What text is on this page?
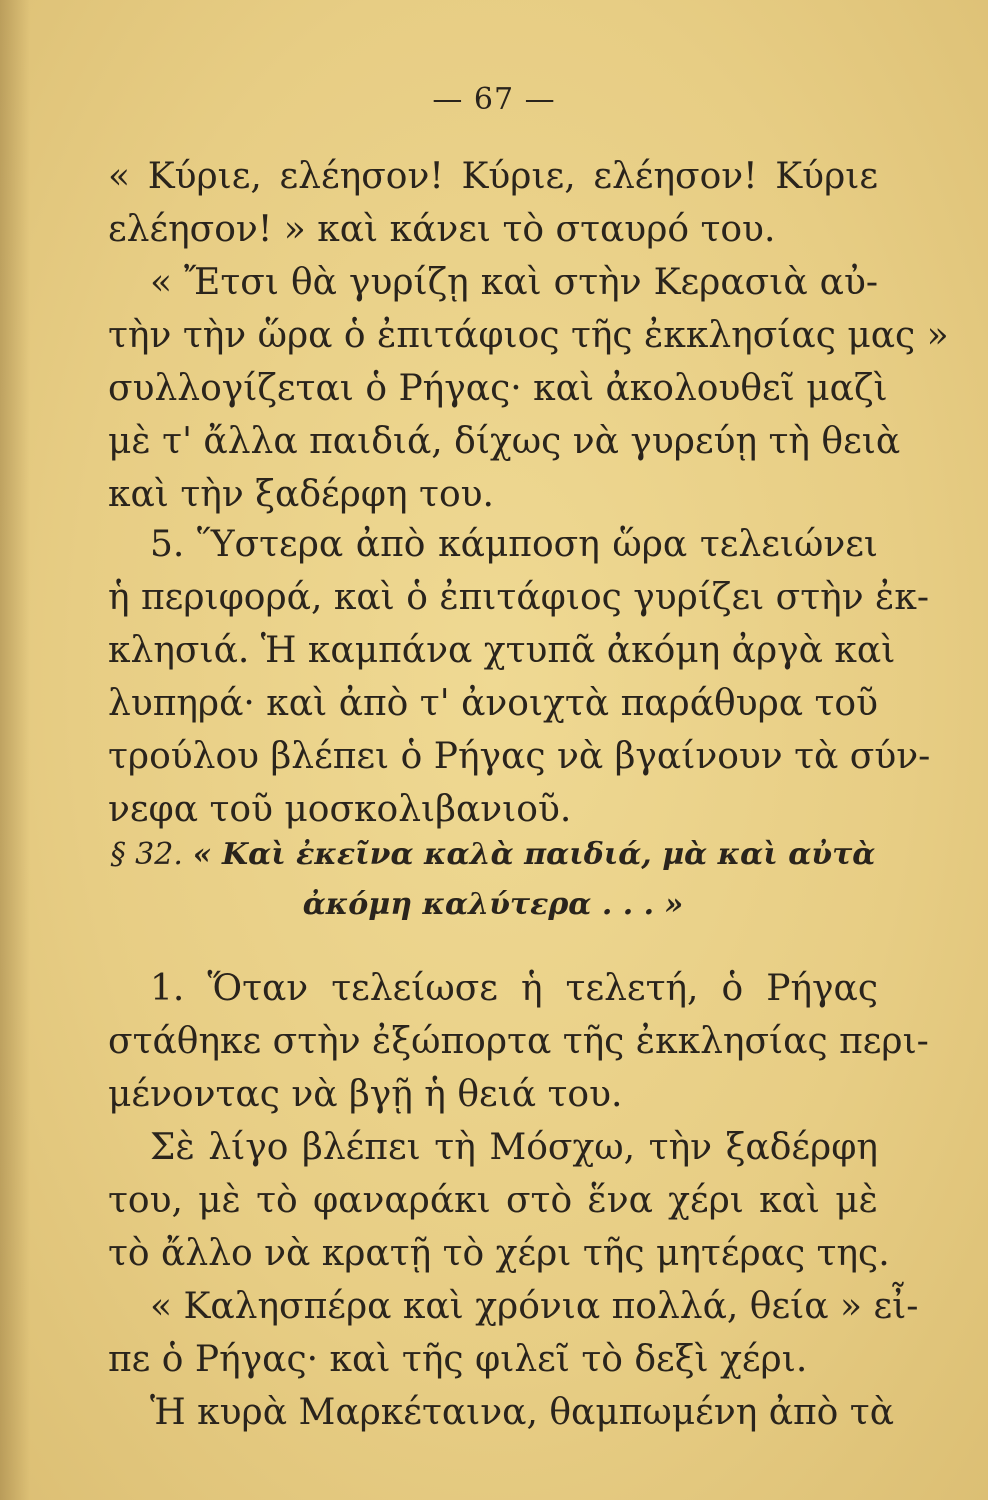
— 67 —
« Κύριε, ελέησον! Κύριε, ελέησον! Κύριε
ελέησον! » καὶ κάνει τὸ σταυρό του.
« Ἔτσι θὰ γυρίζῃ καὶ στὴν Κερασιὰ αὐ-
τὴν τὴν ὥρα ὁ ἐπιτάφιος τῆς ἐκκλησίας μας »
συλλογίζεται ὁ Ρήγας· καὶ ἀκολουθεῖ μαζὶ
μὲ τ' ἄλλα παιδιά, δίχως νὰ γυρεύῃ τὴ θειὰ
καὶ τὴν ξαδέρφη του.
5. Ὕστερα ἀπὸ κάμποση ὥρα τελειώνει
ἡ περιφορά, καὶ ὁ ἐπιτάφιος γυρίζει στὴν ἐκ-
κλησιά. Ἡ καμπάνα χτυπᾶ ἀκόμη ἀργὰ καὶ
λυπηρά· καὶ ἀπὸ τ' ἀνοιχτὰ παράθυρα τοῦ
τρούλου βλέπει ὁ Ρήγας νὰ βγαίνουν τὰ σύν-
νεφα τοῦ μοσκολιβανιοῦ.
§ 32. « Καὶ ἐκεῖνα καλὰ παιδιά, μὰ καὶ αὐτὰ
ἀκόμη καλύτερα . . . »
1. Ὅταν τελείωσε ἡ τελετή, ὁ Ρήγας
στάθηκε στὴν ἐξώπορτα τῆς ἐκκλησίας περι-
μένοντας νὰ βγῇ ἡ θειά του.
Σὲ λίγο βλέπει τὴ Μόσχω, τὴν ξαδέρφη
του, μὲ τὸ φαναράκι στὸ ἕνα χέρι καὶ μὲ
τὸ ἄλλο νὰ κρατῇ τὸ χέρι τῆς μητέρας της.
« Καλησπέρα καὶ χρόνια πολλά, θεία » εἶ-
πε ὁ Ρήγας· καὶ τῆς φιλεῖ τὸ δεξὶ χέρι.
Ἡ κυρὰ Μαρκέταινα, θαμπωμένη ἀπὸ τὰ
